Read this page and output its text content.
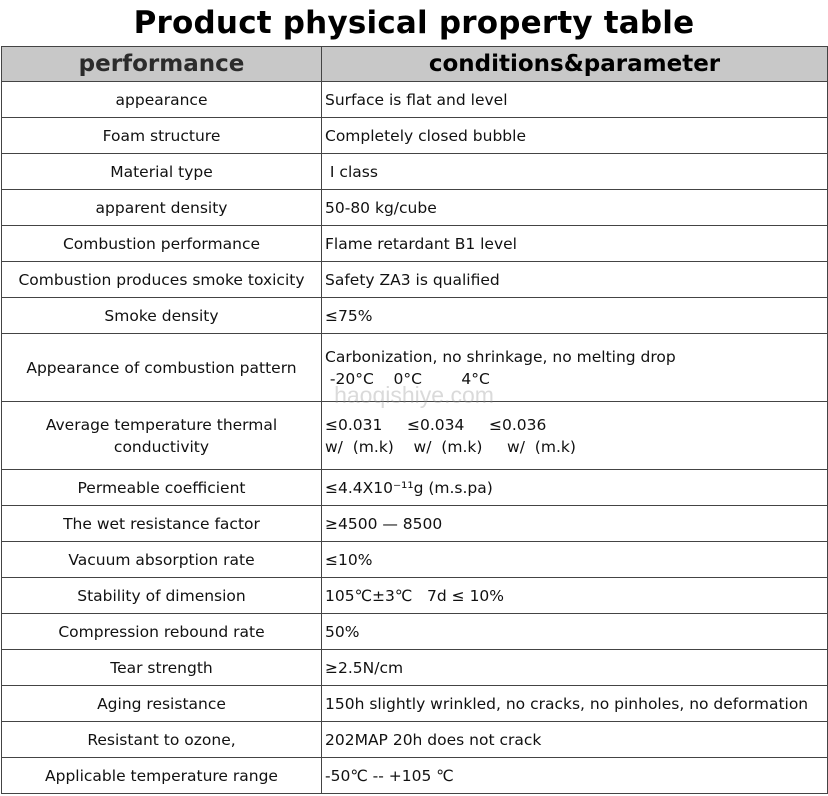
Product physical property table
performance	conditions&parameter
appearance	Surface is flat and level
Foam structure	Completely closed bubble
Material type	Ⅰ class
apparent density	50-80 kg/cube
Combustion performance	Flame retardant B1 level
Combustion produces smoke toxicity	Safety ZA3 is qualified
Smoke density	≤75%
Appearance of combustion pattern	Carbonization, no shrinkage, no melting drop
-20°C    0°C        4°C

Average temperature thermal conductivity	≤0.031     ≤0.034     ≤0.036
w/  (m.k)    w/  (m.k)     w/  (m.k)

Permeable coefficient	≤4.4X10⁻¹¹g (m.s.pa)
The wet resistance factor	≥4500 — 8500
Vacuum absorption rate	≤10%
Stability of dimension	105℃±3℃   7d ≤ 10%
Compression rebound rate	50%
Tear strength	≥2.5N/cm
Aging resistance	150h slightly wrinkled, no cracks, no pinholes, no deformation
Resistant to ozone,	202MAP 20h does not crack
Applicable temperature range	-50℃ -- +105 ℃
haoqishiye.com
